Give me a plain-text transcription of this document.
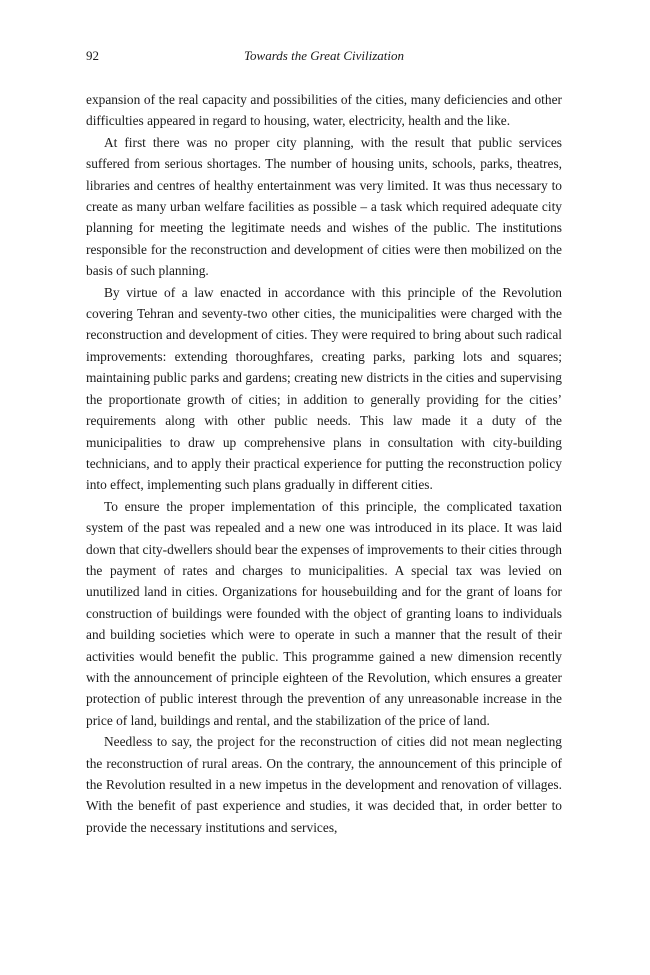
92	Towards the Great Civilization

expansion of the real capacity and possibilities of the cities, many deficiencies and other difficulties appeared in regard to housing, water, electricity, health and the like.

At first there was no proper city planning, with the result that public services suffered from serious shortages. The number of housing units, schools, parks, theatres, libraries and centres of healthy entertainment was very limited. It was thus necessary to create as many urban welfare facilities as possible – a task which required adequate city planning for meeting the legitimate needs and wishes of the public. The institutions responsible for the reconstruction and development of cities were then mobilized on the basis of such planning.

By virtue of a law enacted in accordance with this principle of the Revolution covering Tehran and seventy-two other cities, the municipalities were charged with the reconstruction and development of cities. They were required to bring about such radical improvements: extending thoroughfares, creating parks, parking lots and squares; maintaining public parks and gardens; creating new districts in the cities and supervising the proportionate growth of cities; in addition to generally providing for the cities’ requirements along with other public needs. This law made it a duty of the municipalities to draw up comprehensive plans in consultation with city-building technicians, and to apply their practical experience for putting the reconstruction policy into effect, implementing such plans gradually in different cities.

To ensure the proper implementation of this principle, the complicated taxation system of the past was repealed and a new one was introduced in its place. It was laid down that city-dwellers should bear the expenses of improvements to their cities through the payment of rates and charges to municipalities. A special tax was levied on unutilized land in cities. Organizations for housebuilding and for the grant of loans for construction of buildings were founded with the object of granting loans to individuals and building societies which were to operate in such a manner that the result of their activities would benefit the public. This programme gained a new dimension recently with the announcement of principle eighteen of the Revolution, which ensures a greater protection of public interest through the prevention of any unreasonable increase in the price of land, buildings and rental, and the stabilization of the price of land.

Needless to say, the project for the reconstruction of cities did not mean neglecting the reconstruction of rural areas. On the contrary, the announcement of this principle of the Revolution resulted in a new impetus in the development and renovation of villages. With the benefit of past experience and studies, it was decided that, in order better to provide the necessary institutions and services,
